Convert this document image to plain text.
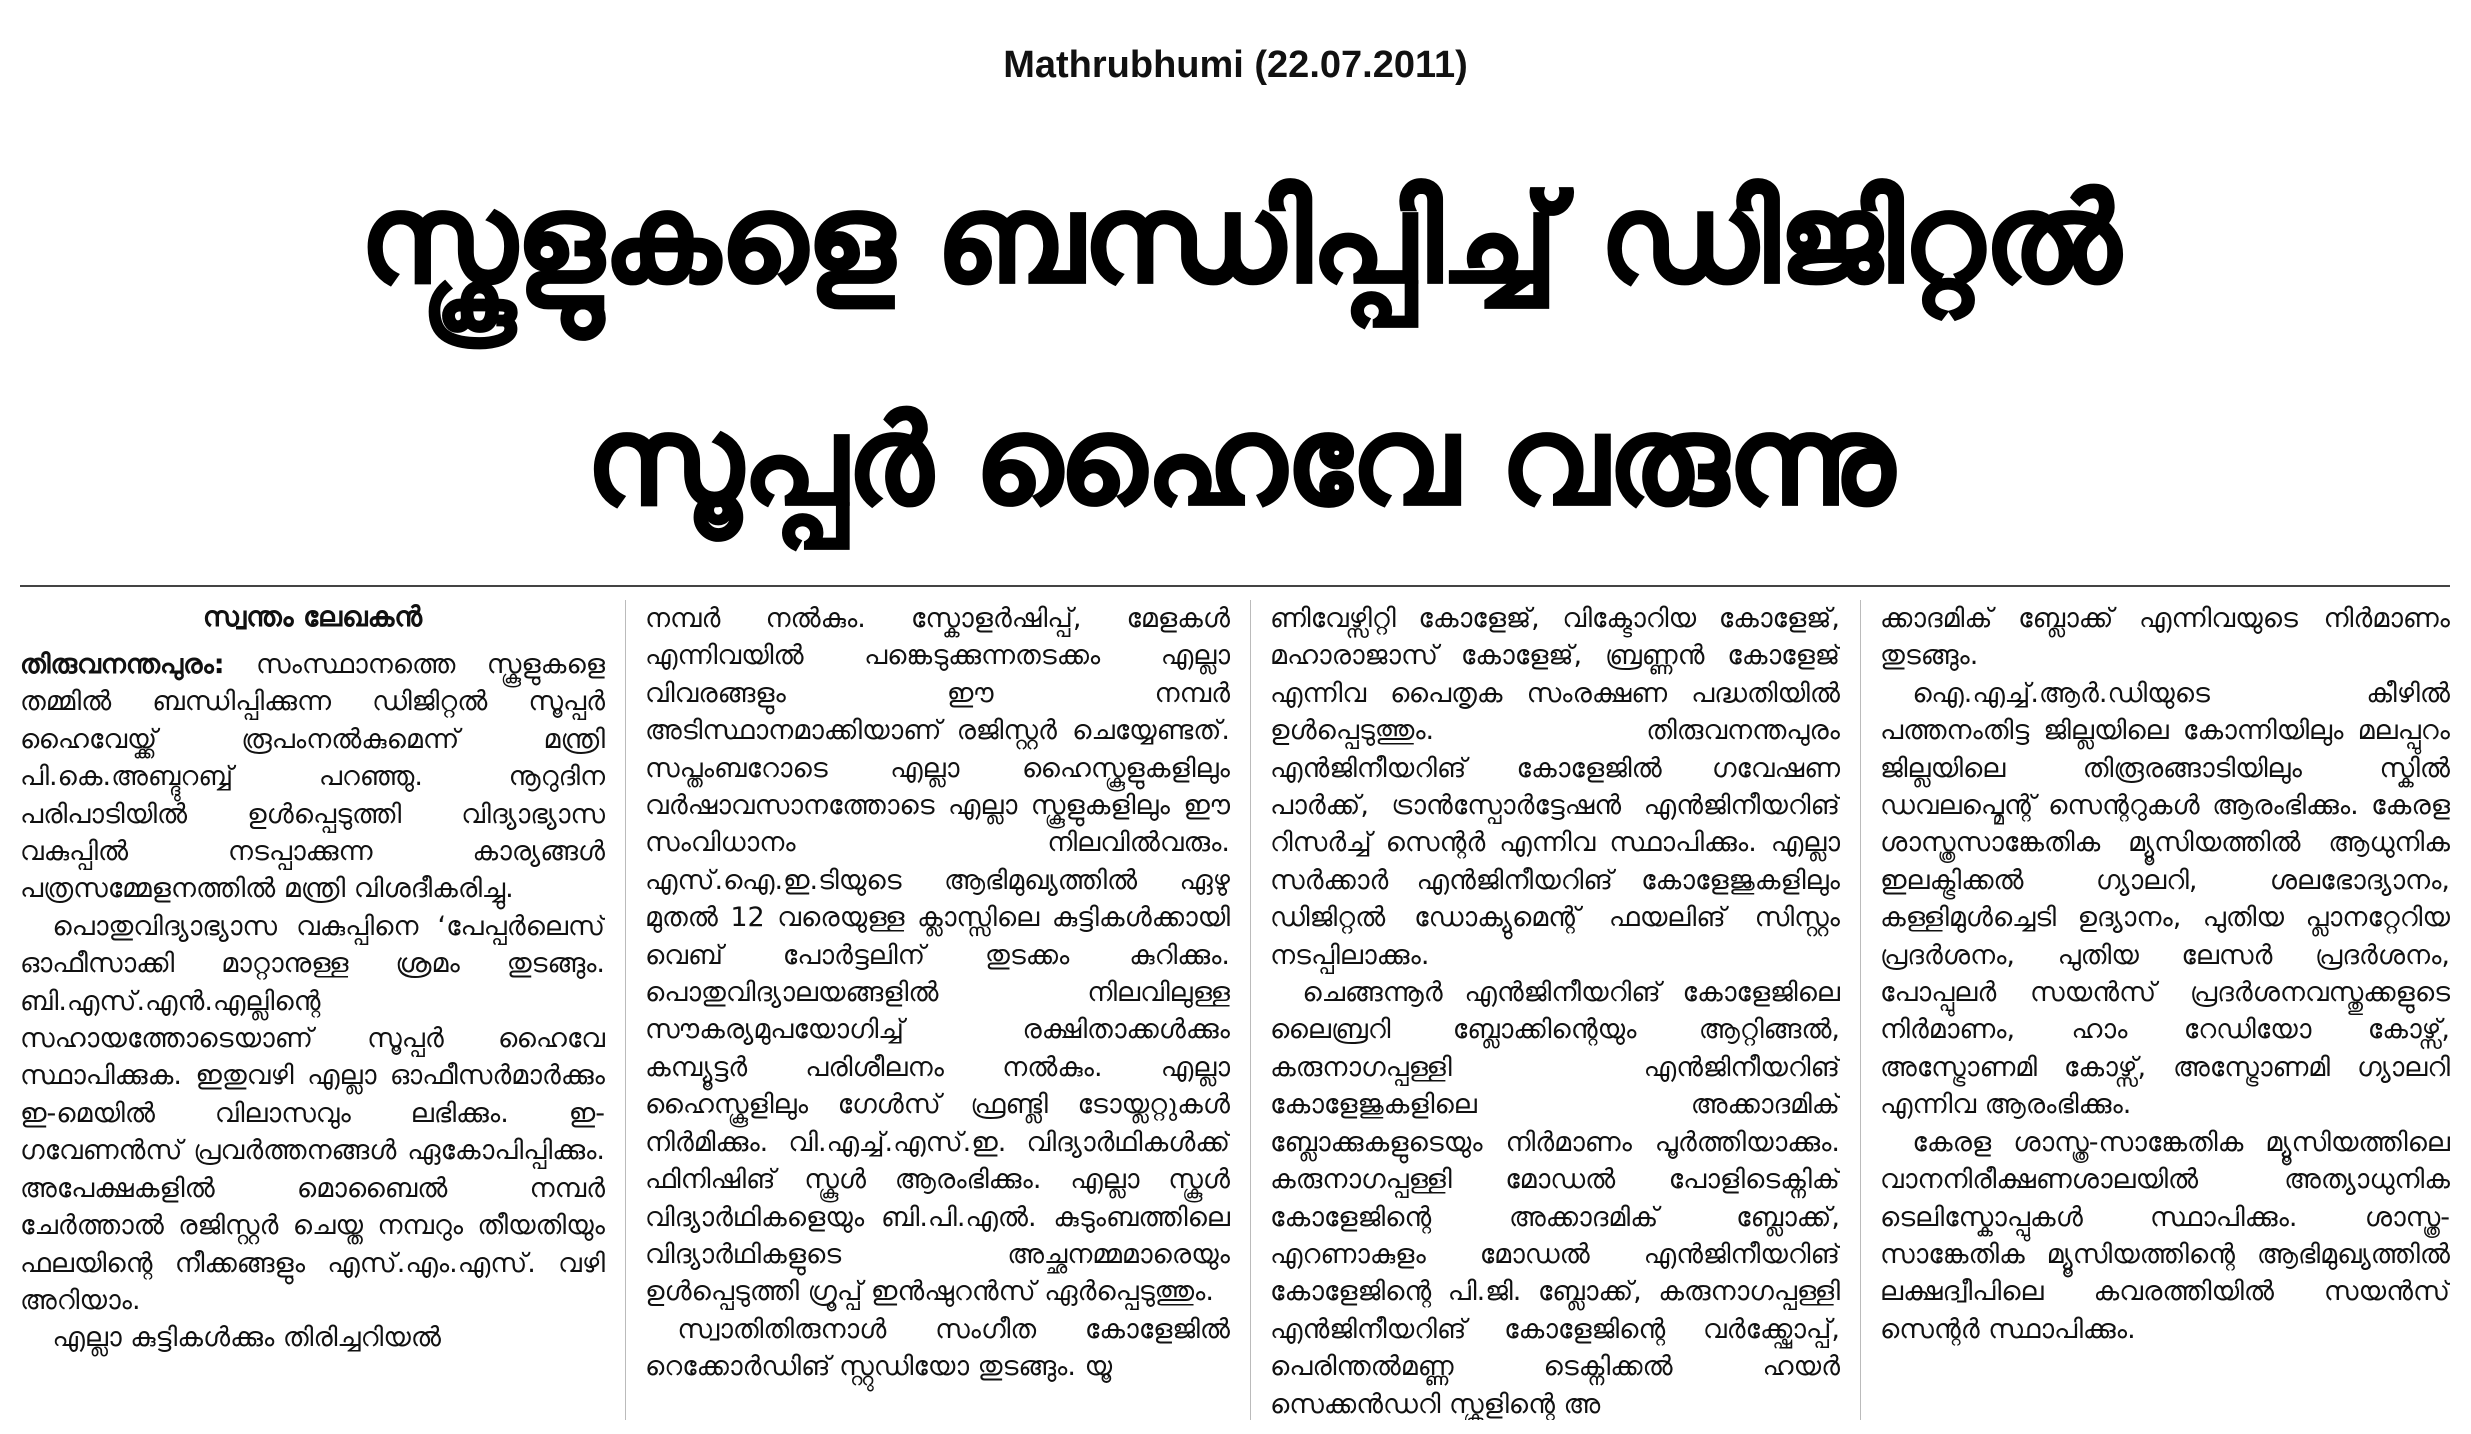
Mathrubhumi (22.07.2011)
സ്കൂളുകളെ ബന്ധിപ്പിച്ച് ഡിജിറ്റൽ
സൂപ്പർ ഹൈവേ വരുന്നു
സ്വന്തം ലേഖകൻ

തിരുവനന്തപുരം: സംസ്ഥാനത്തെ സ്കൂളുകളെ തമ്മിൽ ബന്ധിപ്പിക്കുന്ന ഡിജിറ്റൽ സൂപ്പർ ഹൈവേയ്ക്ക് രൂപംനൽകുമെന്ന് മന്ത്രി പി.കെ.അബ്ദുറബ്ബ് പറഞ്ഞു. നൂറുദിന പരിപാടിയിൽ ഉൾപ്പെടുത്തി വിദ്യാഭ്യാസ വകുപ്പിൽ നടപ്പാക്കുന്ന കാര്യങ്ങൾ പത്രസമ്മേളനത്തിൽ മന്ത്രി വിശദീകരിച്ചു.

പൊതുവിദ്യാഭ്യാസ വകുപ്പിനെ ‘പേപ്പർലെസ് ഓഫീസാക്കി മാറ്റാനുള്ള ശ്രമം തുടങ്ങും. ബി.എസ്.എൻ.എല്ലിന്റെ സഹായത്തോടെയാണ് സൂപ്പർ ഹൈവേ സ്ഥാപിക്കുക. ഇതുവഴി എല്ലാ ഓഫീസർമാർക്കും ഇ-മെയിൽ വിലാസവും ലഭിക്കും. ഇ-ഗവേണൻസ് പ്രവർത്തനങ്ങൾ ഏകോപിപ്പിക്കും. അപേക്ഷകളിൽ മൊബൈൽ നമ്പർ ചേർത്താൽ രജിസ്റ്റർ ചെയ്ത നമ്പറും തീയതിയും ഫലയിന്റെ നീക്കങ്ങളും എസ്.എം.എസ്. വഴി അറിയാം.

എല്ലാ കുട്ടികൾക്കും തിരിച്ചറിയൽ

നമ്പർ നൽകും. സ്കോളർഷിപ്പ്, മേളകൾ എന്നിവയിൽ പങ്കെടുക്കുന്നതടക്കം എല്ലാ വിവരങ്ങളും ഈ നമ്പർ അടിസ്ഥാനമാക്കിയാണ് രജിസ്റ്റർ ചെയ്യേണ്ടത്. സപ്തംബറോടെ എല്ലാ ഹൈസ്കൂളുകളിലും വർഷാവസാനത്തോടെ എല്ലാ സ്കൂളുകളിലും ഈ സംവിധാനം നിലവിൽവരും. എസ്.ഐ.ഇ.ടിയുടെ ആഭിമുഖ്യത്തിൽ ഏഴു മുതൽ 12 വരെയുള്ള ക്ലാസ്സിലെ കുട്ടികൾക്കായി വെബ് പോർട്ടലിന് തുടക്കം കുറിക്കും. പൊതുവിദ്യാലയങ്ങളിൽ നിലവിലുള്ള സൗകര്യമുപയോഗിച്ച് രക്ഷിതാക്കൾക്കും കമ്പ്യൂട്ടർ പരിശീലനം നൽകും. എല്ലാ ഹൈസ്കൂളിലും ഗേൾസ് ഫ്രണ്ട്ലി ടോയ്ലറ്റുകൾ നിർമിക്കും. വി.എച്ച്.എസ്.ഇ. വിദ്യാർഥികൾക്ക് ഫിനിഷിങ് സ്കൂൾ ആരംഭിക്കും. എല്ലാ സ്കൂൾ വിദ്യാർഥികളെയും ബി.പി.എൽ. കുടുംബത്തിലെ വിദ്യാർഥികളുടെ അച്ഛനമ്മമാരെയും ഉൾപ്പെടുത്തി ഗ്രൂപ്പ് ഇൻഷുറൻസ് ഏർപ്പെടുത്തും.

സ്വാതിതിരുനാൾ സംഗീത കോളേജിൽ റെക്കോർഡിങ് സ്റ്റുഡിയോ തുടങ്ങും. യൂ

ണിവേഴ്സിറ്റി കോളേജ്, വിക്ടോറിയ കോളേജ്, മഹാരാജാസ് കോളേജ്, ബ്രണ്ണൻ കോളേജ് എന്നിവ പൈതൃക സംരക്ഷണ പദ്ധതിയിൽ ഉൾപ്പെടുത്തും. തിരുവനന്തപുരം എൻജിനീയറിങ് കോളേജിൽ ഗവേഷണ പാർക്ക്, ട്രാൻസ്പോർട്ടേഷൻ എൻജിനീയറിങ് റിസർച്ച് സെന്റർ എന്നിവ സ്ഥാപിക്കും. എല്ലാ സർക്കാർ എൻജിനീയറിങ് കോളേജുകളിലും ഡിജിറ്റൽ ഡോക്യുമെന്റ് ഫയലിങ് സിസ്റ്റം നടപ്പിലാക്കും.

ചെങ്ങന്നൂർ എൻജിനീയറിങ് കോളേജിലെ ലൈബ്രറി ബ്ലോക്കിന്റെയും ആറ്റിങ്ങൽ, കരുനാഗപ്പള്ളി എൻജിനീയറിങ് കോളേജുകളിലെ അക്കാദമിക് ബ്ലോക്കുകളുടെയും നിർമാണം പൂർത്തിയാക്കും. കരുനാഗപ്പള്ളി മോഡൽ പോളിടെക്നിക് കോളേജിന്റെ അക്കാദമിക് ബ്ലോക്ക്, എറണാകുളം മോഡൽ എൻജിനീയറിങ് കോളേജിന്റെ പി.ജി. ബ്ലോക്ക്, കരുനാഗപ്പള്ളി എൻജിനീയറിങ് കോളേജിന്റെ വർക്ക്ഷോപ്പ്, പെരിന്തൽമണ്ണ ടെക്നിക്കൽ ഹയർ സെക്കൻഡറി സ്കൂളിന്റെ അ

ക്കാദമിക് ബ്ലോക്ക് എന്നിവയുടെ നിർമാണം തുടങ്ങും.

ഐ.എച്ച്.ആർ.ഡിയുടെ കീഴിൽ പത്തനംതിട്ട ജില്ലയിലെ കോന്നിയിലും മലപ്പുറം ജില്ലയിലെ തിരൂരങ്ങാടിയിലും സ്കിൽ ഡവലപ്മെന്റ് സെന്ററുകൾ ആരംഭിക്കും. കേരള ശാസ്ത്രസാങ്കേതിക മ്യൂസിയത്തിൽ ആധുനിക ഇലക്ട്രിക്കൽ ഗ്യാലറി, ശലഭോദ്യാനം, കള്ളിമുൾച്ചെടി ഉദ്യാനം, പുതിയ പ്ലാനറ്റേറിയ പ്രദർശനം, പുതിയ ലേസർ പ്രദർശനം, പോപ്പുലർ സയൻസ് പ്രദർശനവസ്തുക്കളുടെ നിർമാണം, ഹാം റേഡിയോ കോഴ്സ്, അസ്ട്രോണമി കോഴ്സ്, അസ്ട്രോണമി ഗ്യാലറി എന്നിവ ആരംഭിക്കും.

കേരള ശാസ്ത്ര-സാങ്കേതിക മ്യൂസിയത്തിലെ വാനനിരീക്ഷണശാലയിൽ അത്യാധുനിക ടെലിസ്കോപ്പുകൾ സ്ഥാപിക്കും. ശാസ്ത്ര-സാങ്കേതിക മ്യൂസിയത്തിന്റെ ആഭിമുഖ്യത്തിൽ ലക്ഷദ്വീപിലെ കവരത്തിയിൽ സയൻസ് സെന്റർ സ്ഥാപിക്കും.
